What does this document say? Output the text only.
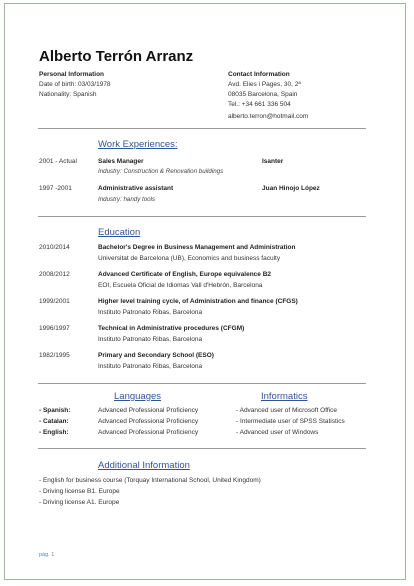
Alberto Terrón Arranz
Personal Information
Date of birth: 03/03/1978
Nationality: Spanish
Contact Information
Avd. Elies i Pages, 30, 2ª
08035 Barcelona, Spain
Tel.: +34 661 336 504
alberto.terron@hotmail.com
Work Experiences:
2001 - Actual	Sales Manager	Isanter
Industry: Construction & Renovation buildings
1997 -2001	Administrative assistant	Juan Hinojo López
Industry: handy tools
Education
2010/2014	Bachelor's Degree in Business Management and Administration
Universitat de Barcelona (UB), Economics and business faculty
2008/2012	Advanced Certificate of English, Europe equivalence B2
EOI, Escuela Oficial de Idiomas Vall d'Hebrón, Barcelona
1999/2001	Higher level training cycle, of Administration and finance (CFGS)
Instituto Patronato Ribas, Barcelona
1996/1997	Technical in Administrative procedures (CFGM)
Instituto Patronato Ribas, Barcelona
1982/1995	Primary and Secondary School (ESO)
Instituto Patronato Ribas, Barcelona
Languages
- Spanish:	Advanced Professional Proficiency
- Catalan:	Advanced Professional Proficiency
- English:	Advanced Professional Proficiency
Informatics
- Advanced user of Microsoft Office
- Intermediate user of SPSS Statistics
- Advanced user of Windows
Additional Information
- English for business course (Torquay International School, United Kingdom)
- Driving license B1. Europe
- Driving license A1. Europe
pág. 1
